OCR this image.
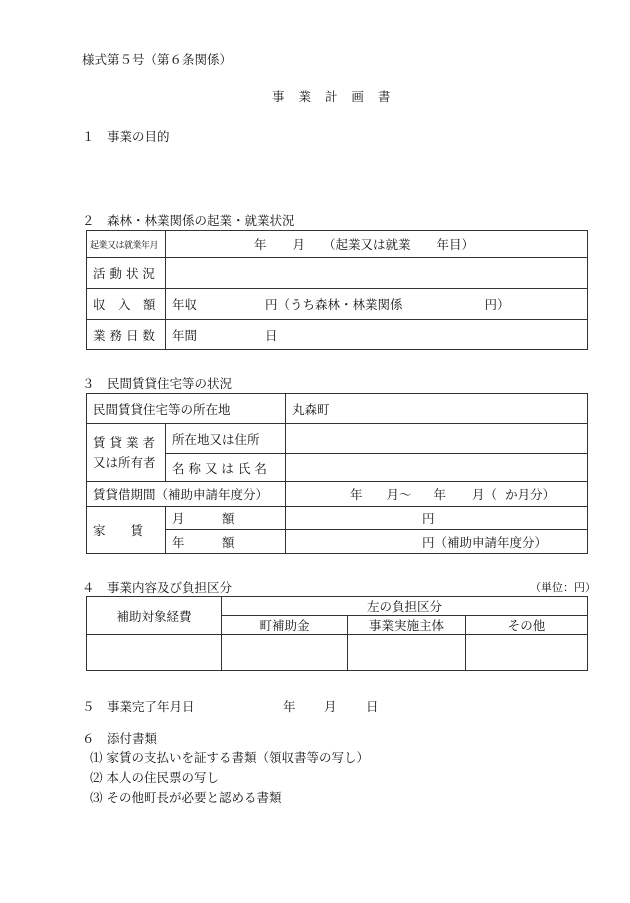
様式第５号（第６条関係）
事 業 計 画 書
１　事業の目的
２　森林・林業関係の起業・就業状況
起業又は就業年月	年 月 （起業又は就業 年目）
活 動 状 況	
収　入　額	年収 円（うち森林・林業関係 円）
業 務 日 数	年間 日
３　民間賃貸住宅等の状況
民間賃貸住宅等の所在地		丸森町

賃 貸 業 者
又は所有者	所在地又は住所	
	名 称 又 は 氏 名	
賃貸借期間（補助申請年度分）		年 月～ 年 月（ か月分）
家　　賃	月　　　額	円
	年　　　額	円（補助申請年度分）
４　事業内容及び負担区分	（単位：円）
補助対象経費	左の負担区分		
	町補助金	事業実施主体	その他

５　事業完了年月日	年 月 日
６　添付書類
⑴ 家賃の支払いを証する書類（領収書等の写し）
⑵ 本人の住民票の写し
⑶ その他町長が必要と認める書類
